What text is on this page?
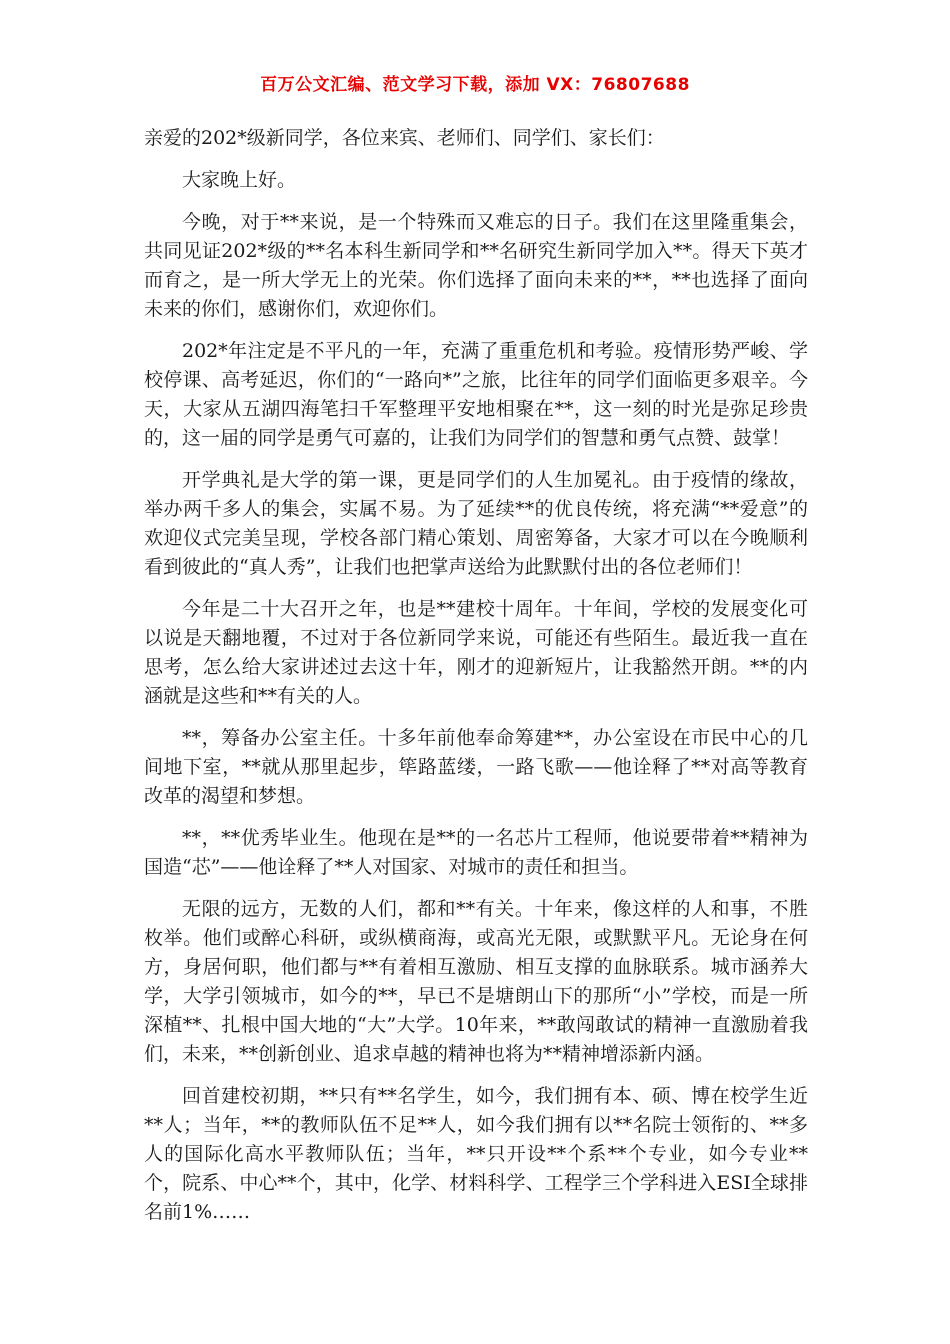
百万公文汇编、范文学习下载，添加 VX：76807688

亲爱的202*级新同学，各位来宾、老师们、同学们、家长们：

大家晚上好。

今晚，对于**来说，是一个特殊而又难忘的日子。我们在这里隆重集会，共同见证202*级的**名本科生新同学和**名研究生新同学加入**。得天下英才而育之，是一所大学无上的光荣。你们选择了面向未来的**，**也选择了面向未来的你们，感谢你们，欢迎你们。

202*年注定是不平凡的一年，充满了重重危机和考验。疫情形势严峻、学校停课、高考延迟，你们的“一路向*”之旅，比往年的同学们面临更多艰辛。今天，大家从五湖四海笔扫千军整理平安地相聚在**，这一刻的时光是弥足珍贵的，这一届的同学是勇气可嘉的，让我们为同学们的智慧和勇气点赞、鼓掌！

开学典礼是大学的第一课，更是同学们的人生加冕礼。由于疫情的缘故，举办两千多人的集会，实属不易。为了延续**的优良传统，将充满“**爱意”的欢迎仪式完美呈现，学校各部门精心策划、周密筹备，大家才可以在今晚顺利看到彼此的“真人秀”，让我们也把掌声送给为此默默付出的各位老师们！

今年是二十大召开之年，也是**建校十周年。十年间，学校的发展变化可以说是天翻地覆，不过对于各位新同学来说，可能还有些陌生。最近我一直在思考，怎么给大家讲述过去这十年，刚才的迎新短片，让我豁然开朗。**的内涵就是这些和**有关的人。

**，筹备办公室主任。十多年前他奉命筹建**，办公室设在市民中心的几间地下室，**就从那里起步，筚路蓝缕，一路飞歌——他诠释了**对高等教育改革的渴望和梦想。

**，**优秀毕业生。他现在是**的一名芯片工程师，他说要带着**精神为国造“芯”——他诠释了**人对国家、对城市的责任和担当。

无限的远方，无数的人们，都和**有关。十年来，像这样的人和事，不胜枚举。他们或醉心科研，或纵横商海，或高光无限，或默默平凡。无论身在何方，身居何职，他们都与**有着相互激励、相互支撑的血脉联系。城市涵养大学，大学引领城市，如今的**，早已不是塘朗山下的那所“小”学校，而是一所深植**、扎根中国大地的“大”大学。10年来，**敢闯敢试的精神一直激励着我们，未来，**创新创业、追求卓越的精神也将为**精神增添新内涵。

回首建校初期，**只有**名学生，如今，我们拥有本、硕、博在校学生近**人；当年，**的教师队伍不足**人，如今我们拥有以**名院士领衔的、**多人的国际化高水平教师队伍；当年，**只开设**个系**个专业，如今专业**个，院系、中心**个，其中，化学、材料科学、工程学三个学科进入ESI全球排名前1%……
